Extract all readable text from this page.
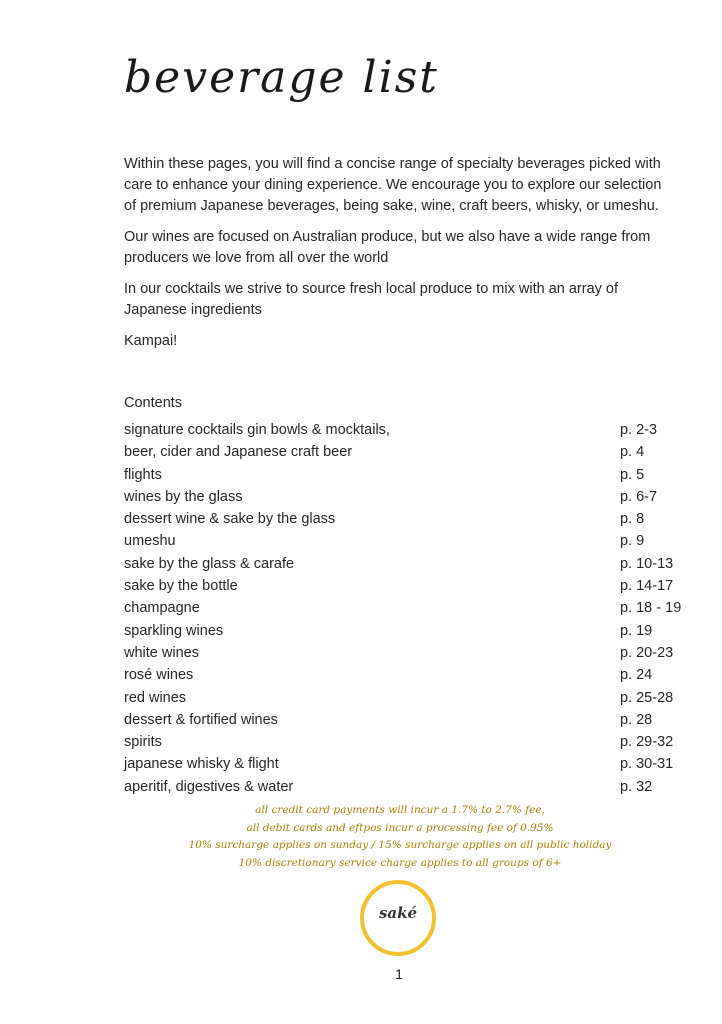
beverage list

Within these pages, you will find a concise range of specialty beverages picked with care to enhance your dining experience. We encourage you to explore our selection of premium Japanese beverages, being sake, wine, craft beers, whisky, or umeshu.

Our wines are focused on Australian produce, but we also have a wide range from producers we love from all over the world

In our cocktails we strive to source fresh local produce to mix with an array of Japanese ingredients

Kampai!

Contents
signature cocktails gin bowls & mocktails,	p. 2-3
beer, cider and Japanese craft beer	p. 4
flights	p. 5
wines by the glass	p. 6-7
dessert wine & sake by the glass	p. 8
umeshu	p. 9
sake by the glass & carafe	p. 10-13
sake by the bottle	p. 14-17
champagne	p. 18 - 19
sparkling wines	p. 19
white wines	p. 20-23
rosé wines	p. 24
red wines	p. 25-28
dessert & fortified wines	p. 28
spirits	p. 29-32
japanese whisky & flight	p. 30-31
aperitif, digestives & water	p. 32
all credit card payments will incur a 1.7% to 2.7% fee,
all debit cards and eftpos incur a processing fee of 0.95%
10% surcharge applies on sunday / 15% surcharge applies on all public holiday
10% discretionary service charge applies to all groups of 6+
saké
1
